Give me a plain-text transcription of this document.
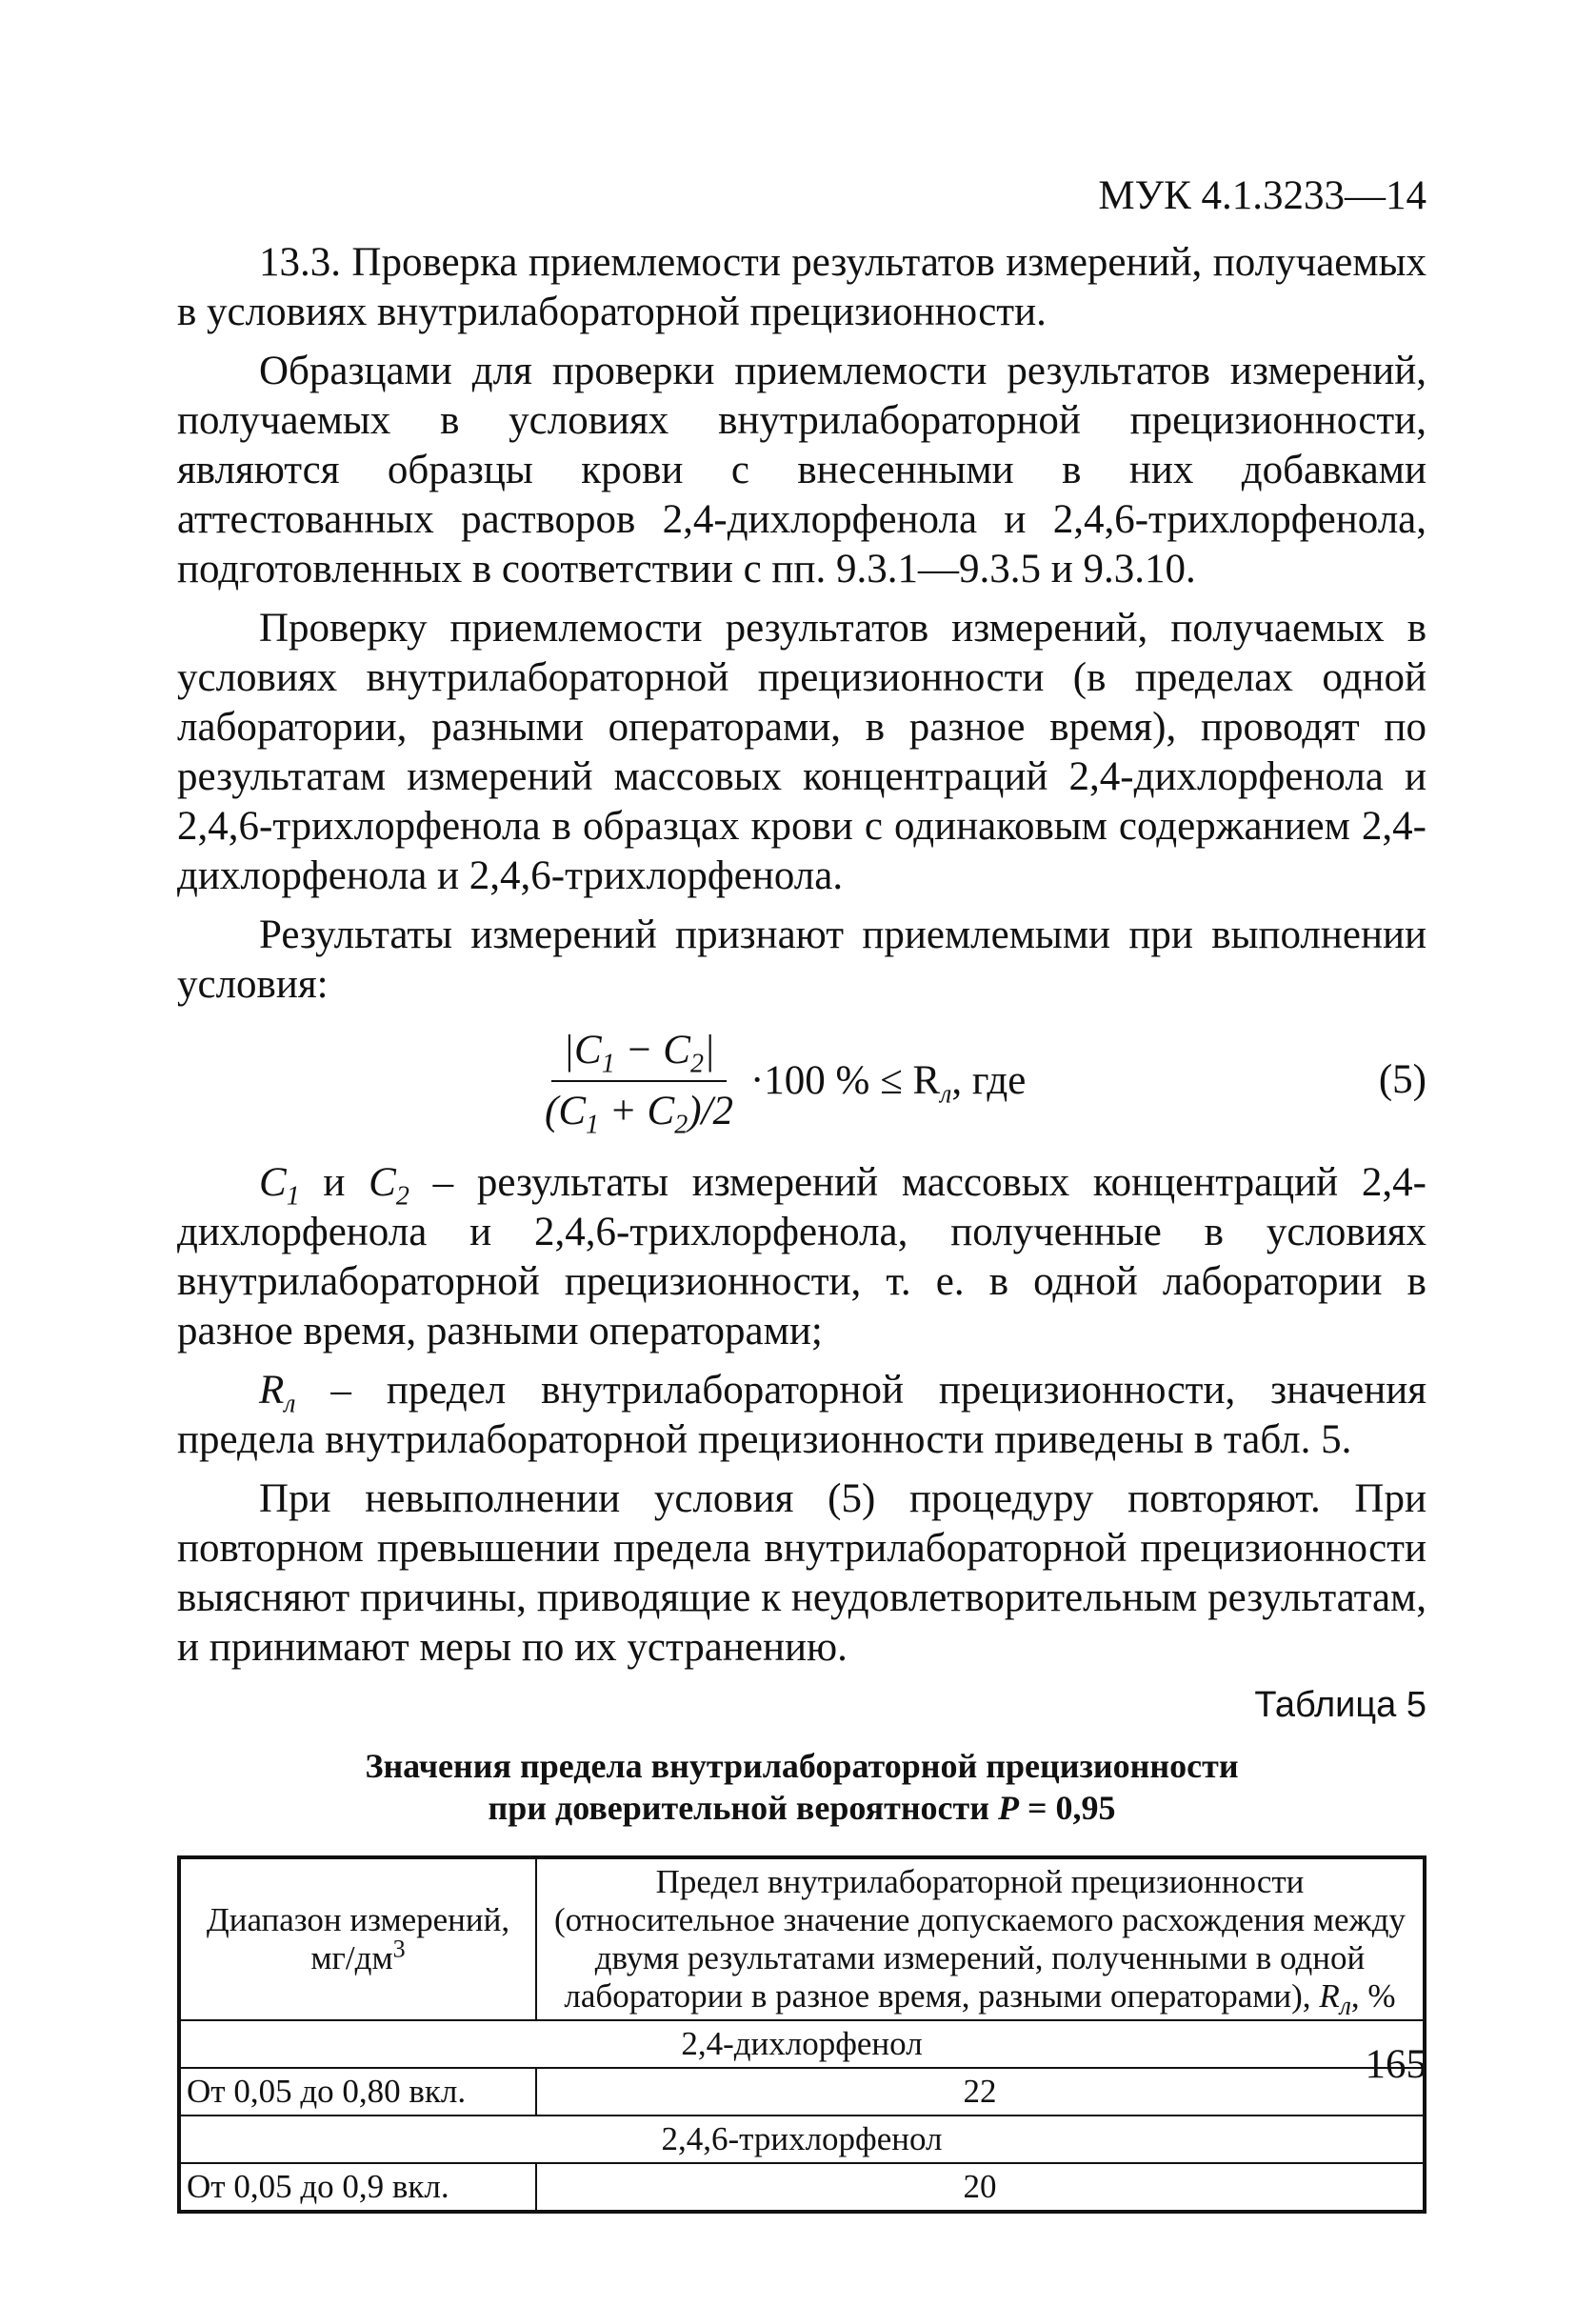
МУК 4.1.3233—14

13.3. Проверка приемлемости результатов измерений, получаемых в условиях внутрилабораторной прецизионности.

Образцами для проверки приемлемости результатов измерений, получаемых в условиях внутрилабораторной прецизионности, являются образцы крови с внесенными в них добавками аттестованных растворов 2,4-дихлорфенола и 2,4,6-трихлорфенола, подготовленных в соответствии с пп. 9.3.1—9.3.5 и 9.3.10.

Проверку приемлемости результатов измерений, получаемых в условиях внутрилабораторной прецизионности (в пределах одной лаборатории, разными операторами, в разное время), проводят по результатам измерений массовых концентраций 2,4-дихлорфенола и 2,4,6-трихлорфенола в образцах крови с одинаковым содержанием 2,4-дихлорфенола и 2,4,6-трихлорфенола.

Результаты измерений признают приемлемыми при выполнении условия:

$\frac{|C_1 - C_2|}{(C_1 + C_2)/2} \cdot 100$ % ≤ $R_л$, где	(5)

$C_1$ и $C_2$ – результаты измерений массовых концентраций 2,4-дихлорфенола и 2,4,6-трихлорфенола, полученные в условиях внутрилабораторной прецизионности, т. е. в одной лаборатории в разное время, разными операторами;

$R_л$ – предел внутрилабораторной прецизионности, значения предела внутрилабораторной прецизионности приведены в табл. 5.

При невыполнении условия (5) процедуру повторяют. При повторном превышении предела внутрилабораторной прецизионности выясняют причины, приводящие к неудовлетворительным результатам, и принимают меры по их устранению.

Таблица 5
Значения предела внутрилабораторной прецизионности
при доверительной вероятности P = 0,95
Диапазон измерений,
$мг/дм^3$	Предел внутрилабораторной прецизионности (относительное значение допускаемого расхождения между двумя результатами измерений, полученными в одной лаборатории в разное время, разными операторами), $R_л$, %
2,4-дихлорфенол	
От 0,05 до 0,80 вкл.	22
2,4,6-трихлорфенол	
От 0,05 до 0,9 вкл.	20
165
